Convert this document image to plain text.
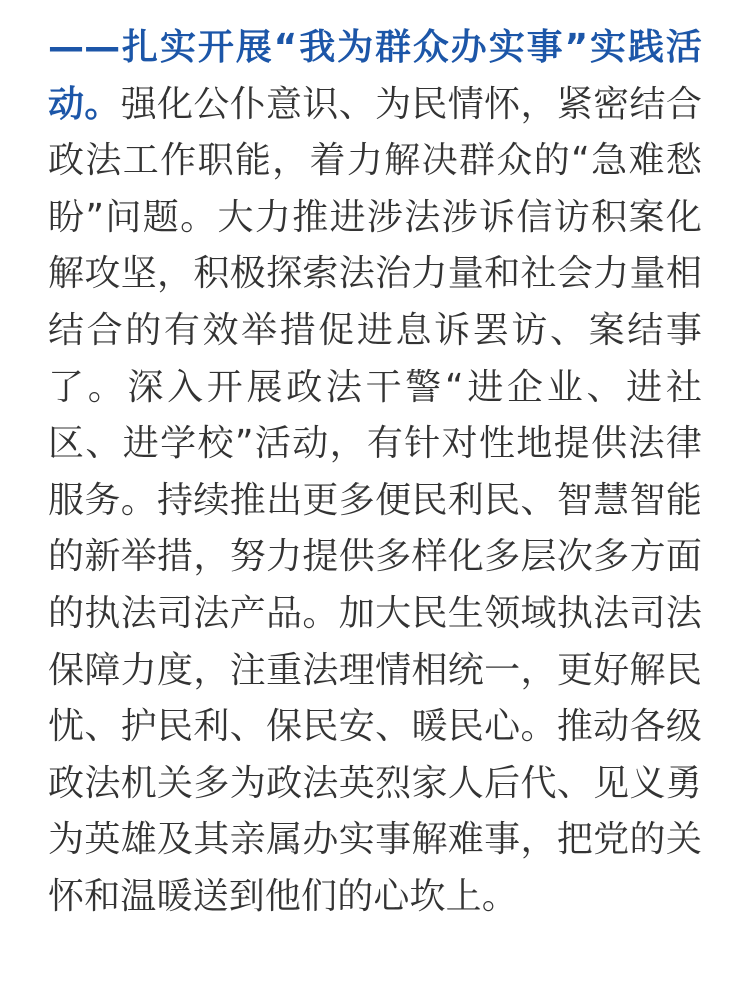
——扎实开展“我为群众办实事”实践活动。强化公仆意识、为民情怀，紧密结合政法工作职能，着力解决群众的“急难愁盼”问题。大力推进涉法涉诉信访积案化解攻坚，积极探索法治力量和社会力量相结合的有效举措促进息诉罢访、案结事了。深入开展政法干警“进企业、进社区、进学校”活动，有针对性地提供法律服务。持续推出更多便民利民、智慧智能的新举措，努力提供多样化多层次多方面的执法司法产品。加大民生领域执法司法保障力度，注重法理情相统一，更好解民忧、护民利、保民安、暖民心。推动各级政法机关多为政法英烈家人后代、见义勇为英雄及其亲属办实事解难事，把党的关怀和温暖送到他们的心坎上。
